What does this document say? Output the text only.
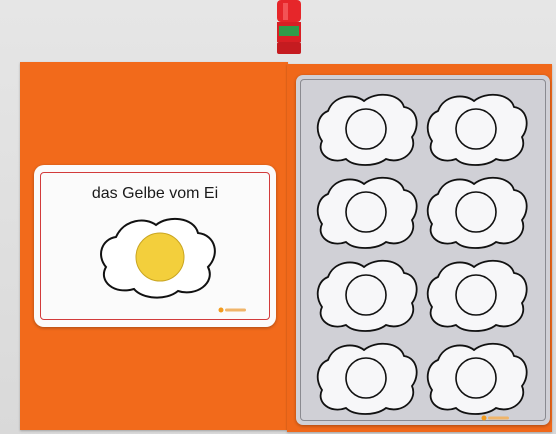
das Gelbe vom Ei
